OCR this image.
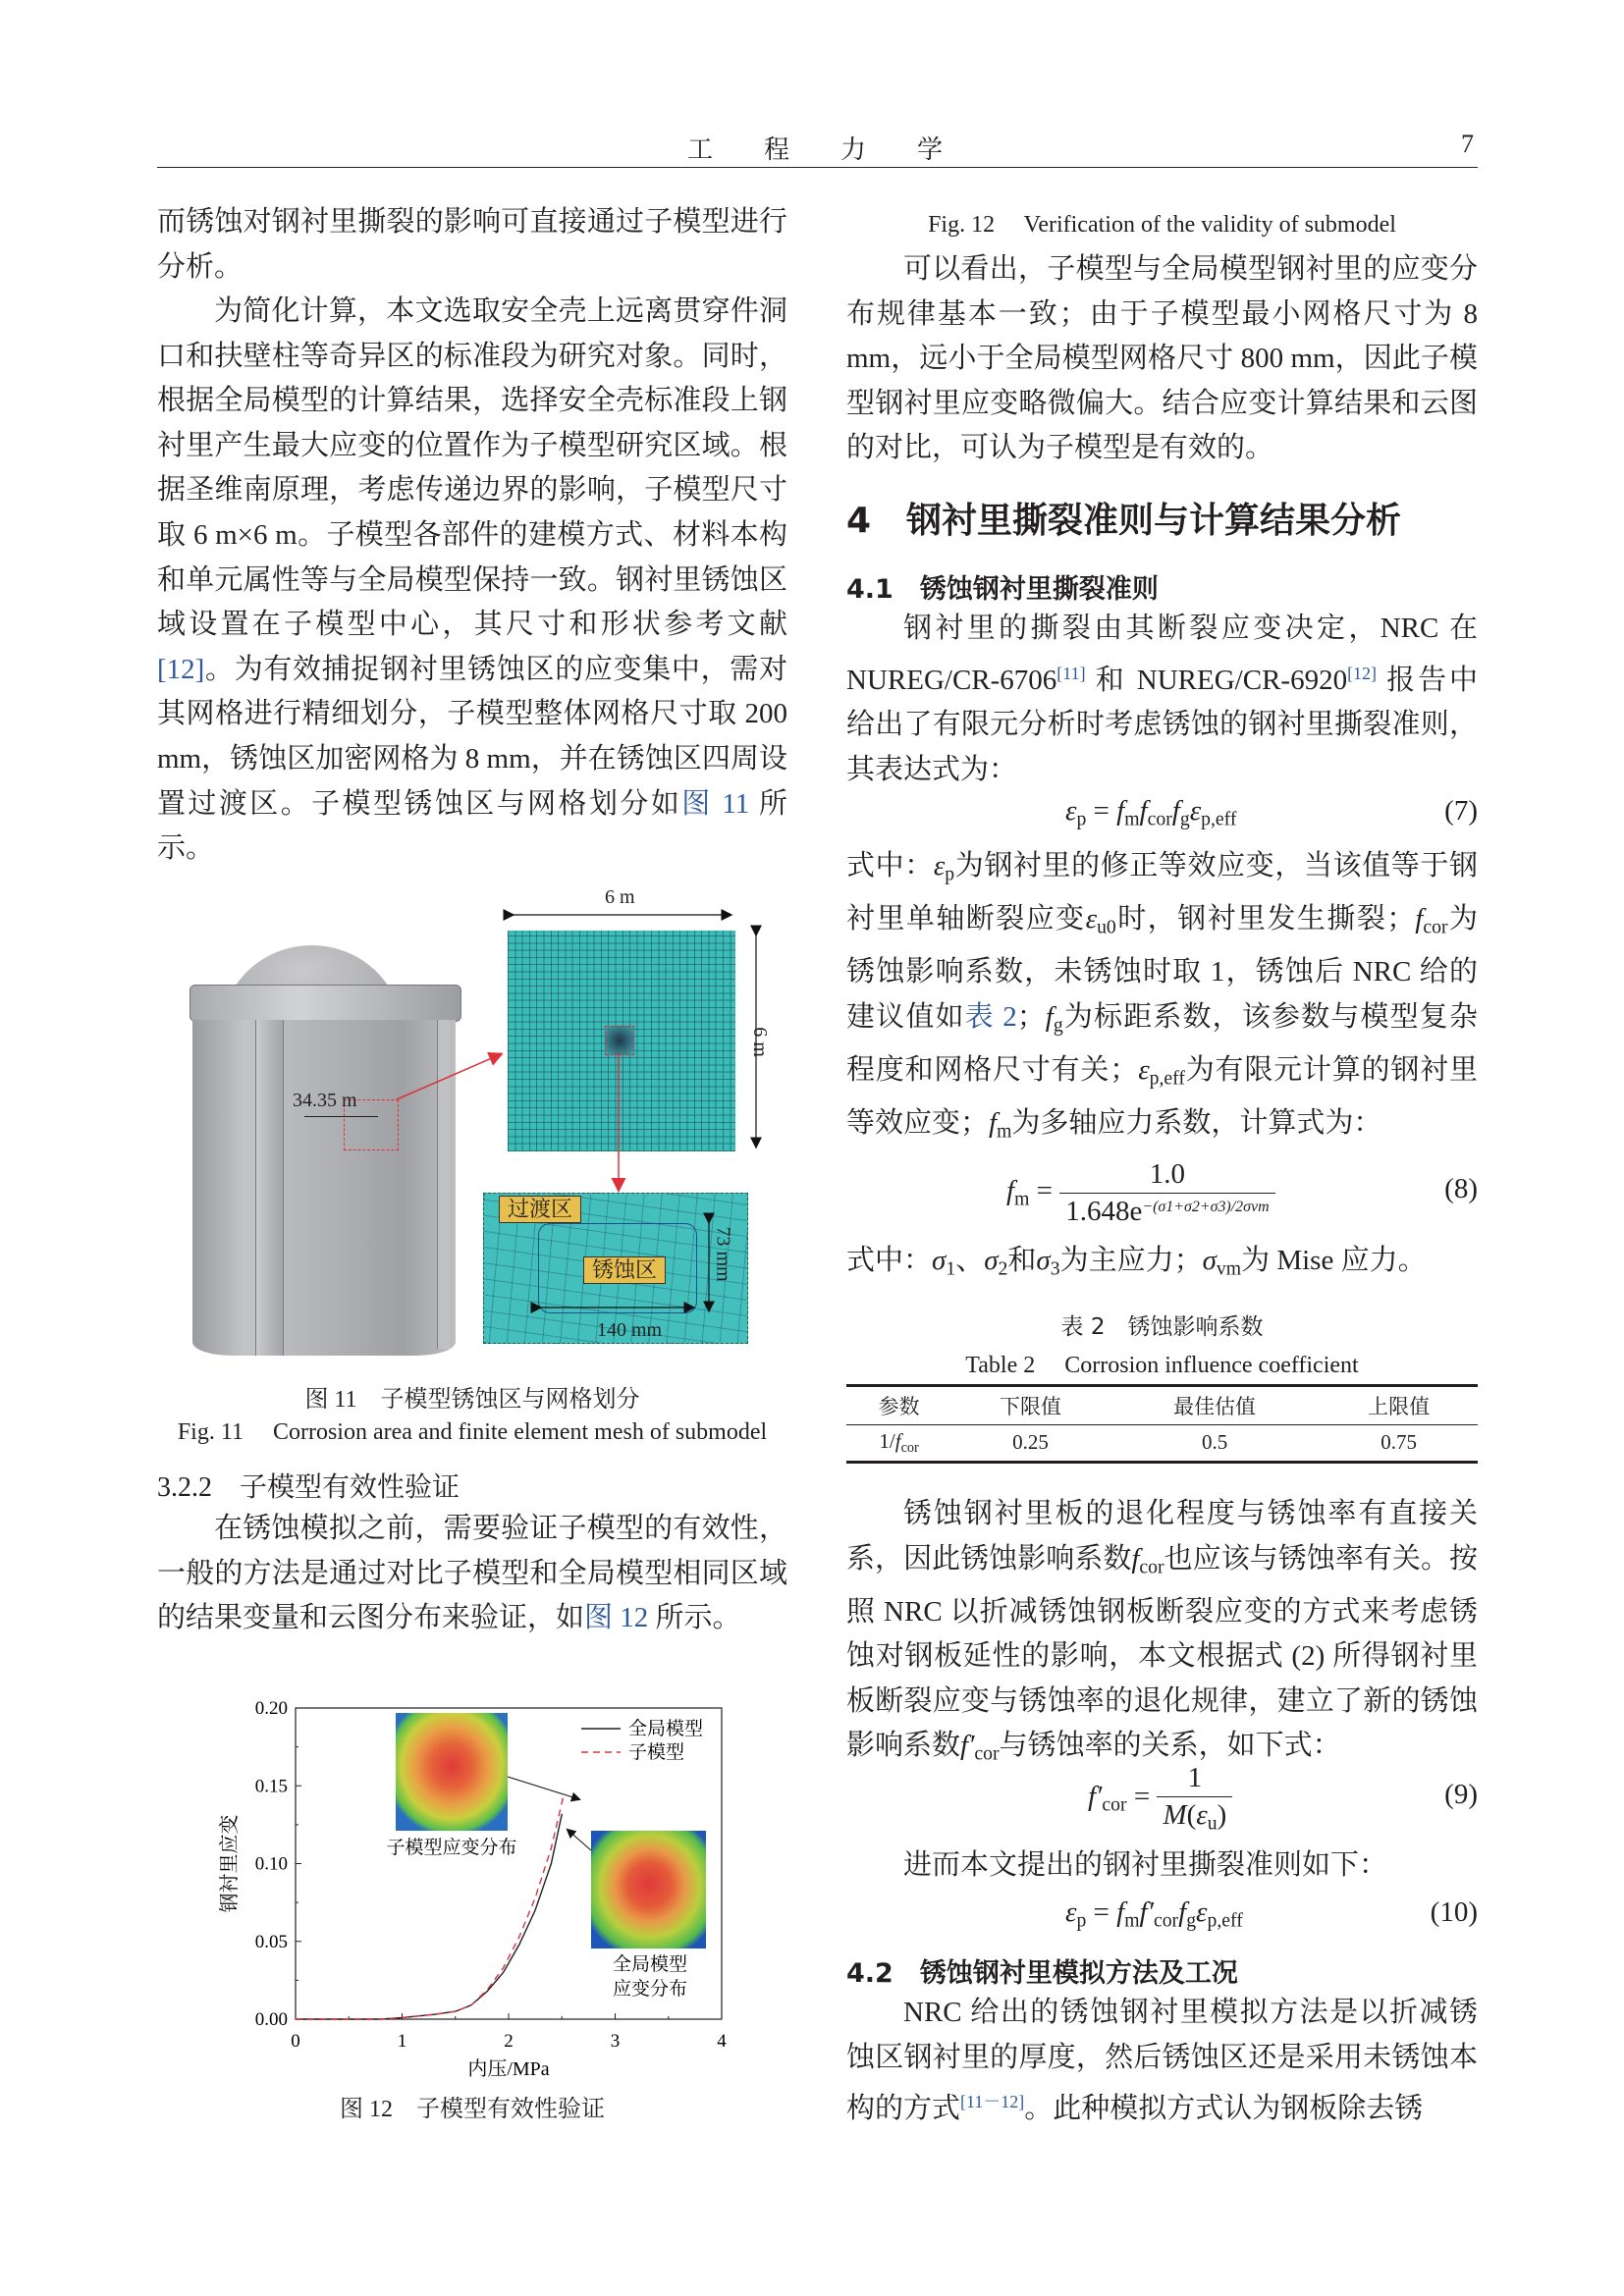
工　　程　　力　　学	7
而锈蚀对钢衬里撕裂的影响可直接通过子模型进行分析。
为简化计算，本文选取安全壳上远离贯穿件洞口和扶壁柱等奇异区的标准段为研究对象。同时，根据全局模型的计算结果，选择安全壳标准段上钢衬里产生最大应变的位置作为子模型研究区域。根据圣维南原理，考虑传递边界的影响，子模型尺寸取 6 m×6 m。子模型各部件的建模方式、材料本构和单元属性等与全局模型保持一致。钢衬里锈蚀区域设置在子模型中心，其尺寸和形状参考文献 [12]。为有效捕捉钢衬里锈蚀区的应变集中，需对其网格进行精细划分，子模型整体网格尺寸取 200 mm，锈蚀区加密网格为 8 mm，并在锈蚀区四周设置过渡区。子模型锈蚀区与网格划分如图 11 所示。
34.35 m
6 m
6 m
过渡区
锈蚀区
140 mm
73 mm
图 11　子模型锈蚀区与网格划分
Fig. 11　 Corrosion area and finite element mesh of submodel
3.2.2　子模型有效性验证
在锈蚀模拟之前，需要验证子模型的有效性，一般的方法是通过对比子模型和全局模型相同区域的结果变量和云图分布来验证，如图 12 所示。
0	1	2	3	4
0.00
0.05
0.10
0.15
0.20
内压/MPa
钢衬里应变
全局模型
子模型
子模型应变分布
全局模型
应变分布
图 12　子模型有效性验证
Fig. 12　 Verification of the validity of submodel
可以看出，子模型与全局模型钢衬里的应变分布规律基本一致；由于子模型最小网格尺寸为 8 mm，远小于全局模型网格尺寸 800 mm，因此子模型钢衬里应变略微偏大。结合应变计算结果和云图的对比，可认为子模型是有效的。
4　钢衬里撕裂准则与计算结果分析
4.1　锈蚀钢衬里撕裂准则
钢衬里的撕裂由其断裂应变决定，NRC 在 NUREG/CR-6706[11] 和 NUREG/CR-6920[12] 报告中给出了有限元分析时考虑锈蚀的钢衬里撕裂准则，其表达式为：
$\varepsilon_p = f_mf_{cor}f_g\varepsilon_{p,eff}$	(7)
式中：$\varepsilon_p$为钢衬里的修正等效应变，当该值等于钢衬里单轴断裂应变$\varepsilon_{u0}$时，钢衬里发生撕裂；$f_{cor}$为锈蚀影响系数，未锈蚀时取 1，锈蚀后 NRC 给的建议值如表 2；$f_g$为标距系数，该参数与模型复杂程度和网格尺寸有关；$\varepsilon_{p,eff}$为有限元计算的钢衬里等效应变；$f_m$为多轴应力系数，计算式为：
$f_m = \frac{1.0}{1.648e^{-(\sigma 1+\sigma 2+\sigma 3)/2\sigma vm}}$	(8)
式中：$\sigma_1$、$\sigma_2$和$\sigma_3$为主应力；$\sigma_{vm}$为 Mise 应力。
表 2　锈蚀影响系数
Table 2　 Corrosion influence coefficient
参数	下限值	最佳估值	上限值
$1/f_{cor}$	0.25	0.5	0.75
锈蚀钢衬里板的退化程度与锈蚀率有直接关系，因此锈蚀影响系数$f_{cor}$也应该与锈蚀率有关。按照 NRC 以折减锈蚀钢板断裂应变的方式来考虑锈蚀对钢板延性的影响，本文根据式 (2) 所得钢衬里板断裂应变与锈蚀率的退化规律，建立了新的锈蚀影响系数$f'_{cor}$与锈蚀率的关系，如下式：
$f'_{cor} = \frac{1}{M(\varepsilon_u)}$	(9)
进而本文提出的钢衬里撕裂准则如下：
$\varepsilon_p = f_mf'_{cor}f_g\varepsilon_{p,eff}$	(10)
4.2　锈蚀钢衬里模拟方法及工况
NRC 给出的锈蚀钢衬里模拟方法是以折减锈蚀区钢衬里的厚度，然后锈蚀区还是采用未锈蚀本构的方式[11－12]。此种模拟方式认为钢板除去锈
